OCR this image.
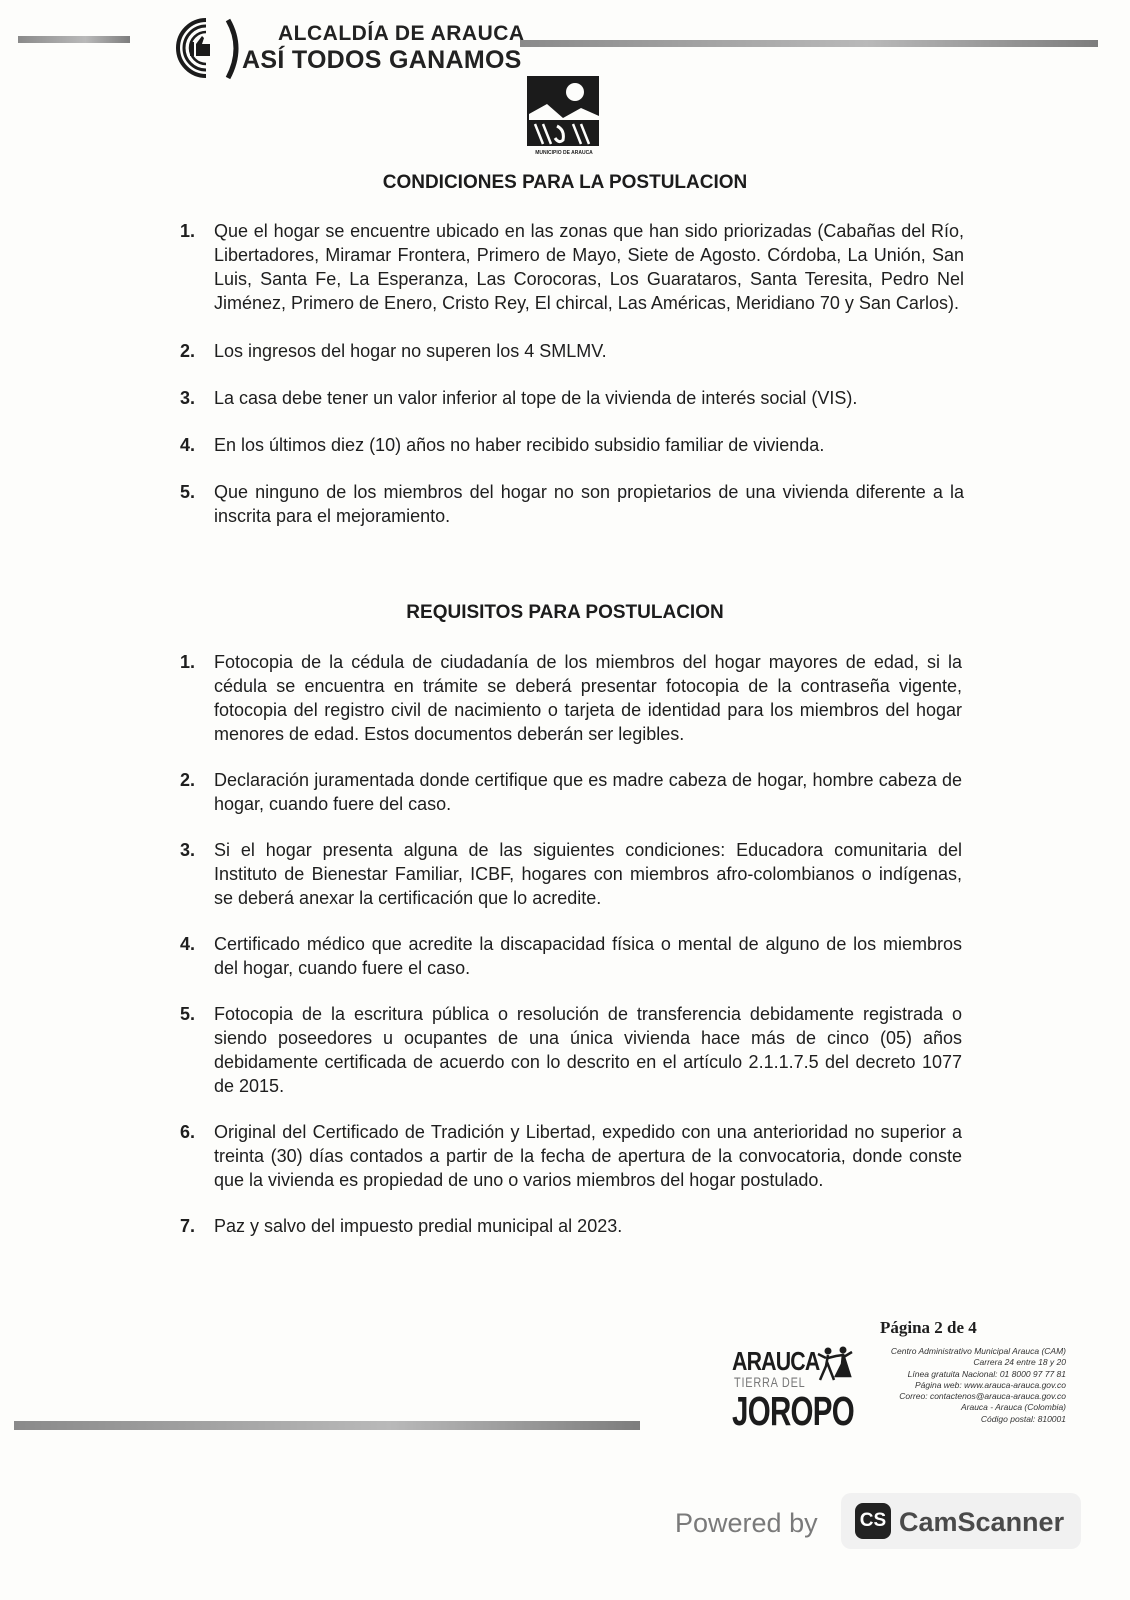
ALCALDÍA DE ARAUCA
ASÍ TODOS GANAMOS
MUNICIPIO DE ARAUCA
CONDICIONES PARA LA POSTULACION
1. Que el hogar se encuentre ubicado en las zonas que han sido priorizadas (Cabañas del Río, Libertadores, Miramar Frontera, Primero de Mayo, Siete de Agosto. Córdoba, La Unión, San Luis, Santa Fe, La Esperanza, Las Corocoras, Los Guarataros, Santa Teresita, Pedro Nel Jiménez, Primero de Enero, Cristo Rey, El chircal, Las Américas, Meridiano 70 y San Carlos).
2. Los ingresos del hogar no superen los 4 SMLMV.
3. La casa debe tener un valor inferior al tope de la vivienda de interés social (VIS).
4. En los últimos diez (10) años no haber recibido subsidio familiar de vivienda.
5. Que ninguno de los miembros del hogar no son propietarios de una vivienda diferente a la inscrita para el mejoramiento.
REQUISITOS PARA POSTULACION
1. Fotocopia de la cédula de ciudadanía de los miembros del hogar mayores de edad, si la cédula se encuentra en trámite se deberá presentar fotocopia de la contraseña vigente, fotocopia del registro civil de nacimiento o tarjeta de identidad para los miembros del hogar menores de edad. Estos documentos deberán ser legibles.
2. Declaración juramentada donde certifique que es madre cabeza de hogar, hombre cabeza de hogar, cuando fuere del caso.
3. Si el hogar presenta alguna de las siguientes condiciones: Educadora comunitaria del Instituto de Bienestar Familiar, ICBF, hogares con miembros afro-colombianos o indígenas, se deberá anexar la certificación que lo acredite.
4. Certificado médico que acredite la discapacidad física o mental de alguno de los miembros del hogar, cuando fuere el caso.
5. Fotocopia de la escritura pública o resolución de transferencia debidamente registrada o siendo poseedores u ocupantes de una única vivienda hace más de cinco (05) años debidamente certificada de acuerdo con lo descrito en el artículo 2.1.1.7.5 del decreto 1077 de 2015.
6. Original del Certificado de Tradición y Libertad, expedido con una anterioridad no superior a treinta (30) días contados a partir de la fecha de apertura de la convocatoria, donde conste que la vivienda es propiedad de uno o varios miembros del hogar postulado.
7. Paz y salvo del impuesto predial municipal al 2023.
Página 2 de 4
ARAUCA
TIERRA DEL
JOROPO
Centro Administrativo Municipal Arauca (CAM)
Carrera 24 entre 18 y 20
Línea gratuita Nacional: 01 8000 97 77 81
Página web: www.arauca-arauca.gov.co
Correo: contactenos@arauca-arauca.gov.co
Arauca - Arauca (Colombia)
Código postal: 810001
Powered by CS CamScanner
